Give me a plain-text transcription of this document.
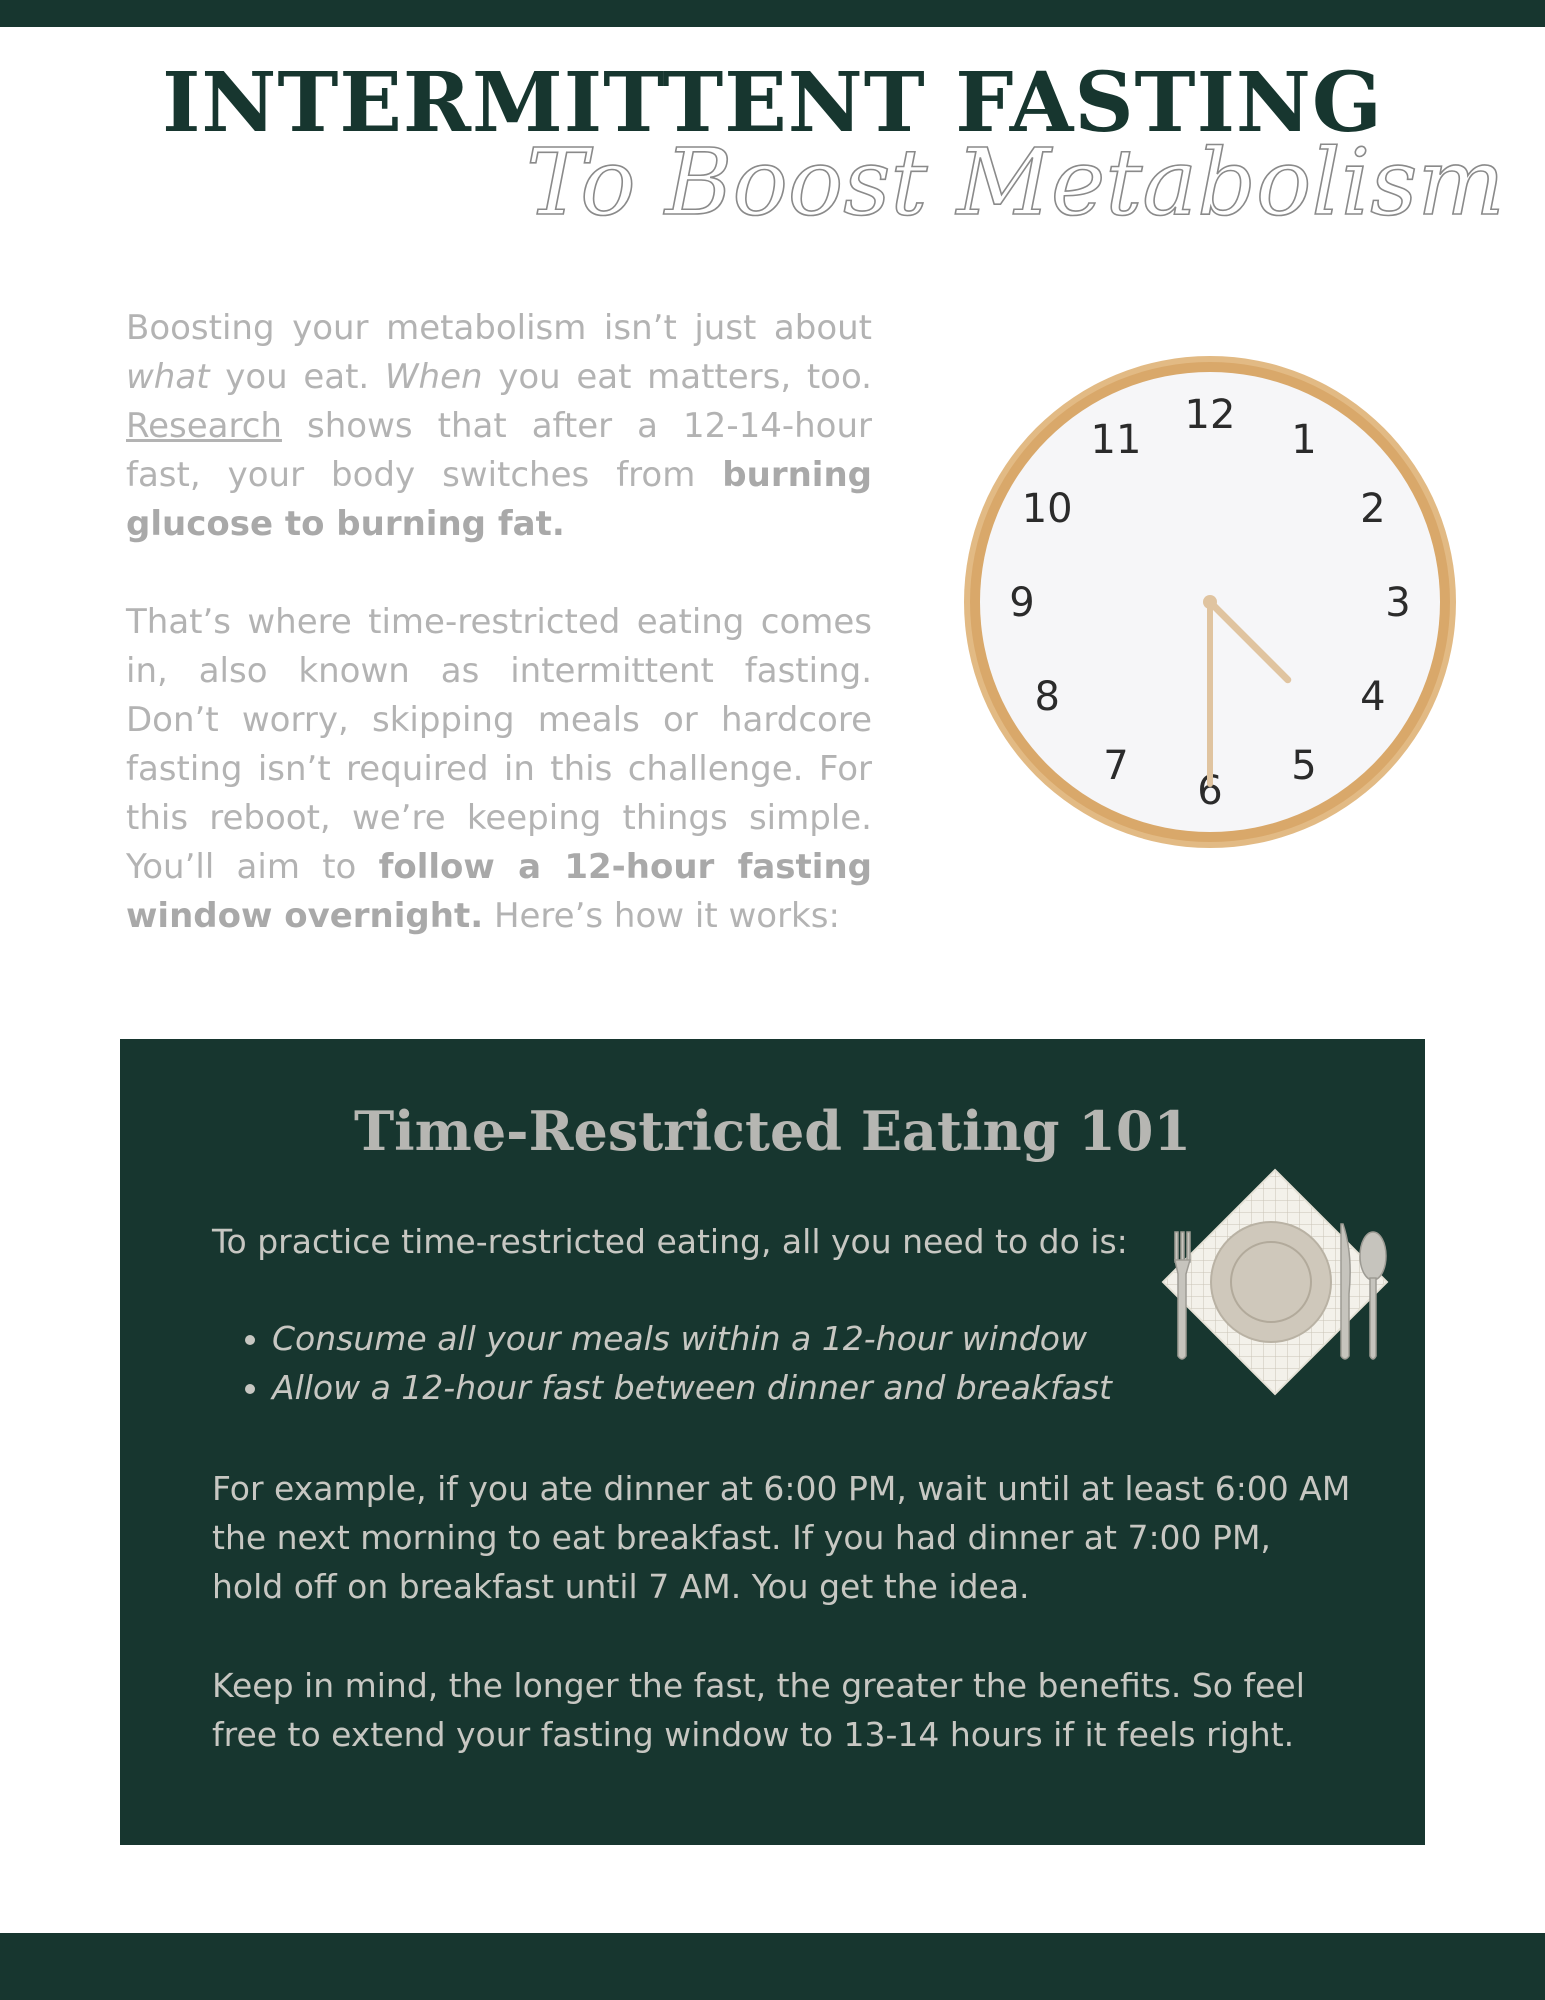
INTERMITTENT FASTING
To Boost Metabolism

Boosting your metabolism isn’t just about what you eat. When you eat matters, too. Research shows that after a 12-14-hour fast, your body switches from burning glucose to burning fat.

That’s where time-restricted eating comes in, also known as intermittent fasting. Don’t worry, skipping meals or hardcore fasting isn’t required in this challenge. For this reboot, we’re keeping things simple. You’ll aim to follow a 12-hour fasting window overnight. Here’s how it works:

12
1
2
3
4
5
6
7
8
9
10
11
Time-Restricted Eating 101

To practice time-restricted eating, all you need to do is:

• Consume all your meals within a 12-hour window
• Allow a 12-hour fast between dinner and breakfast
For example, if you ate dinner at 6:00 PM, wait until at least 6:00 AM
the next morning to eat breakfast. If you had dinner at 7:00 PM,
hold off on breakfast until 7 AM. You get the idea.
Keep in mind, the longer the fast, the greater the benefits. So feel
free to extend your fasting window to 13-14 hours if it feels right.
